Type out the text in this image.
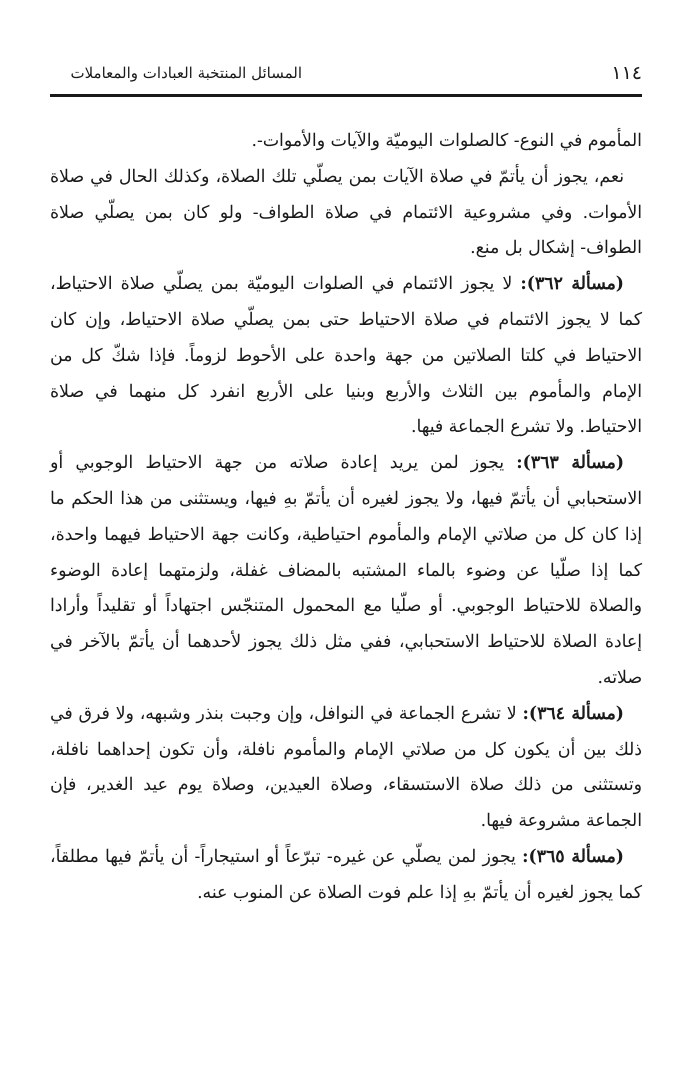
١١٤
المسائل المنتخبة العبادات والمعاملات

المأموم في النوع- كالصلوات اليوميّة والآيات والأموات-.

نعم، يجوز أن يأتمّ في صلاة الآيات بمن يصلّي تلك الصلاة، وكذلك الحال في صلاة الأموات. وفي مشروعية الائتمام في صلاة الطواف- ولو كان بمن يصلّي صلاة الطواف- إشكال بل منع.

(مسألة ٣٦٢): لا يجوز الائتمام في الصلوات اليوميّة بمن يصلّي صلاة الاحتياط، كما لا يجوز الائتمام في صلاة الاحتياط حتى بمن يصلّي صلاة الاحتياط، وإن كان الاحتياط في كلتا الصلاتين من جهة واحدة على الأحوط لزوماً. فإذا شكّ كل من الإمام والمأموم بين الثلاث والأربع وبنيا على الأربع انفرد كل منهما في صلاة الاحتياط. ولا تشرع الجماعة فيها.

(مسألة ٣٦٣): يجوز لمن يريد إعادة صلاته من جهة الاحتياط الوجوبي أو الاستحبابي أن يأتمّ فيها، ولا يجوز لغيره أن يأتمّ بهِ فيها، ويستثنى من هذا الحكم ما إذا كان كل من صلاتي الإمام والمأموم احتياطية، وكانت جهة الاحتياط فيهما واحدة، كما إذا صلّيا عن وضوء بالماء المشتبه بالمضاف غفلة، ولزمتهما إعادة الوضوء والصلاة للاحتياط الوجوبي. أو صلّيا مع المحمول المتنجّس اجتهاداً أو تقليداً وأرادا إعادة الصلاة للاحتياط الاستحبابي، ففي مثل ذلك يجوز لأحدهما أن يأتمّ بالآخر في صلاته.

(مسألة ٣٦٤): لا تشرع الجماعة في النوافل، وإن وجبت بنذر وشبهه، ولا فرق في ذلك بين أن يكون كل من صلاتي الإمام والمأموم نافلة، وأن تكون إحداهما نافلة، وتستثنى من ذلك صلاة الاستسقاء، وصلاة العيدين، وصلاة يوم عيد الغدير، فإن الجماعة مشروعة فيها.

(مسألة ٣٦٥): يجوز لمن يصلّي عن غيره- تبرّعاً أو استيجاراً- أن يأتمّ فيها مطلقاً، كما يجوز لغيره أن يأتمّ بهِ إذا علم فوت الصلاة عن المنوب عنه.
